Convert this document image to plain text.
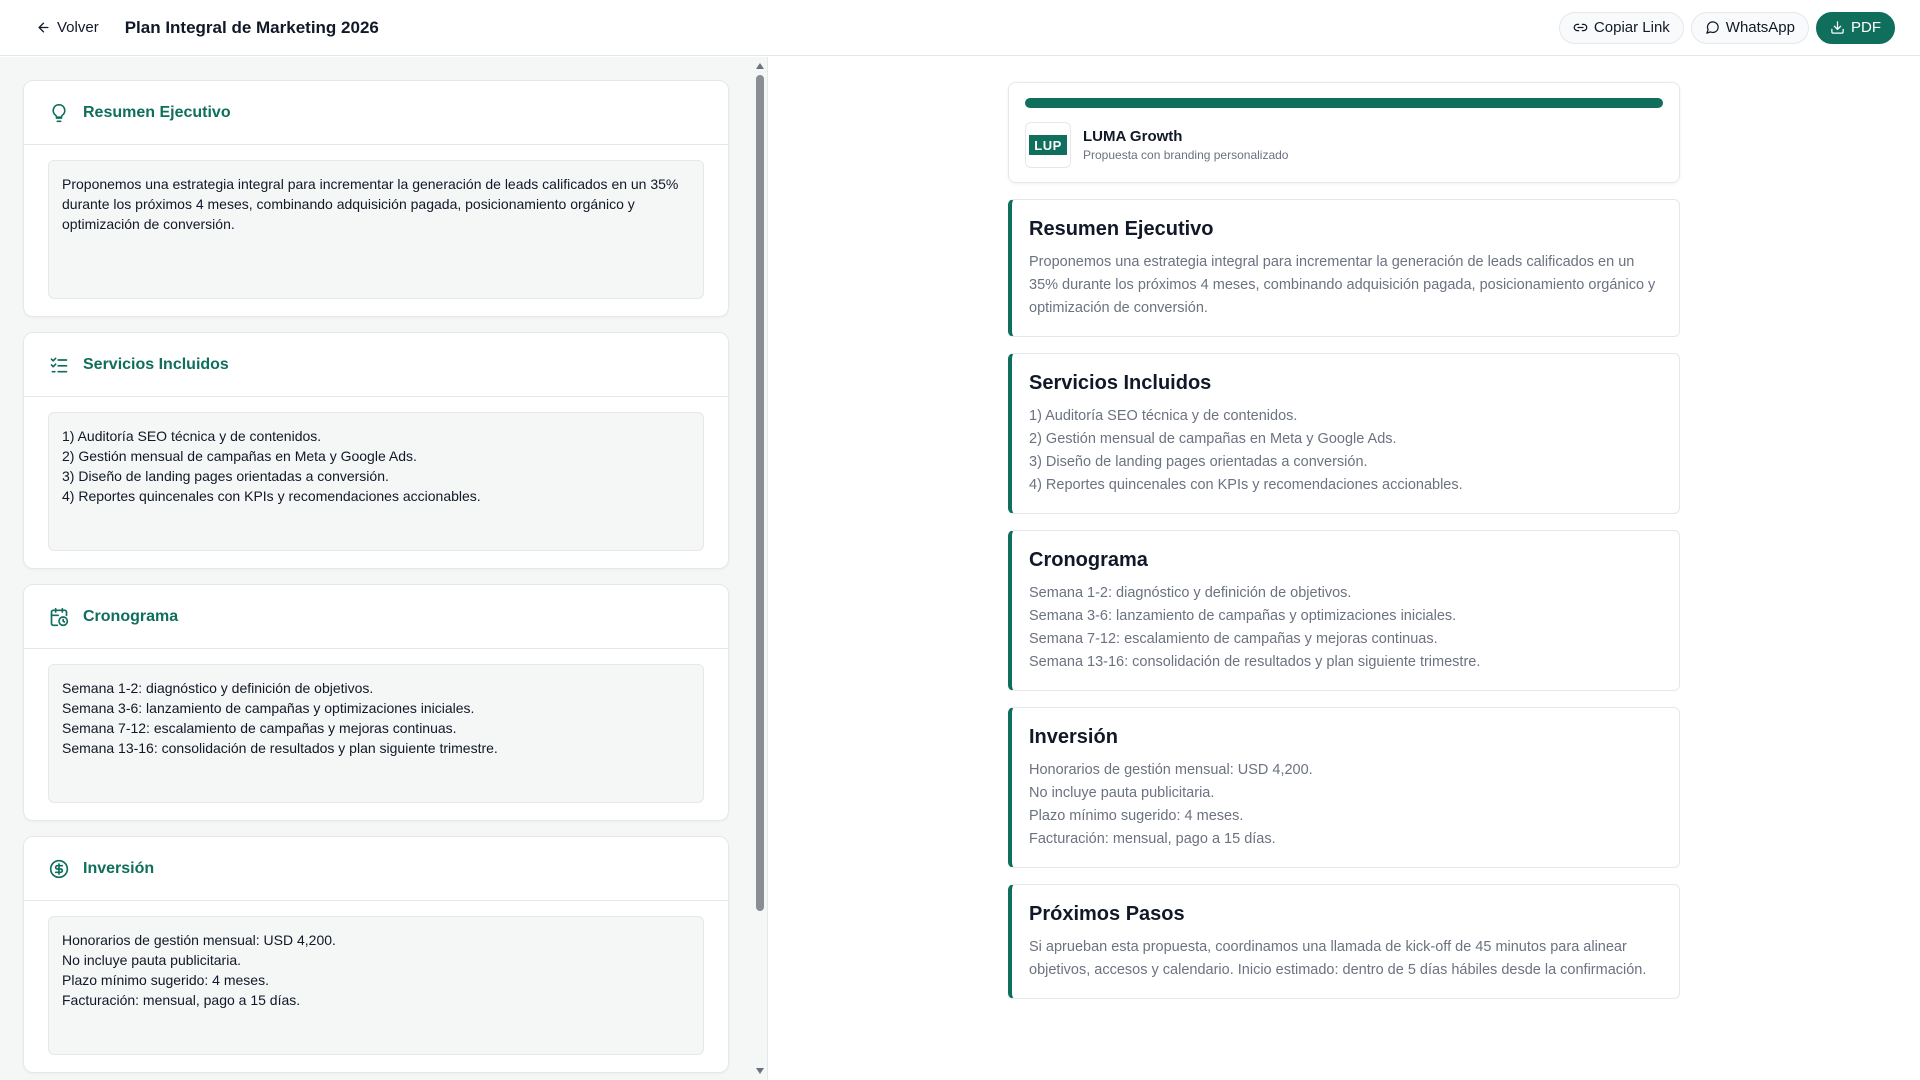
Volver Plan Integral de Marketing 2026	Copiar Link	WhatsApp	PDF
Resumen Ejecutivo
Proponemos una estrategia integral para incrementar la generación de leads calificados en un 35% durante los próximos 4 meses, combinando adquisición pagada, posicionamiento orgánico y optimización de conversión.
Servicios Incluidos
1) Auditoría SEO técnica y de contenidos.
2) Gestión mensual de campañas en Meta y Google Ads.
3) Diseño de landing pages orientadas a conversión.
4) Reportes quincenales con KPIs y recomendaciones accionables.
Cronograma
Semana 1-2: diagnóstico y definición de objetivos.
Semana 3-6: lanzamiento de campañas y optimizaciones iniciales.
Semana 7-12: escalamiento de campañas y mejoras continuas.
Semana 13-16: consolidación de resultados y plan siguiente trimestre.
Inversión
Honorarios de gestión mensual: USD 4,200.
No incluye pauta publicitaria.
Plazo mínimo sugerido: 4 meses.
Facturación: mensual, pago a 15 días.
LUP	LUMA Growth
Propuesta con branding personalizado
Resumen Ejecutivo
Proponemos una estrategia integral para incrementar la generación de leads calificados en un 35% durante los próximos 4 meses, combinando adquisición pagada, posicionamiento orgánico y optimización de conversión.
Servicios Incluidos
1) Auditoría SEO técnica y de contenidos.
2) Gestión mensual de campañas en Meta y Google Ads.
3) Diseño de landing pages orientadas a conversión.
4) Reportes quincenales con KPIs y recomendaciones accionables.
Cronograma
Semana 1-2: diagnóstico y definición de objetivos.
Semana 3-6: lanzamiento de campañas y optimizaciones iniciales.
Semana 7-12: escalamiento de campañas y mejoras continuas.
Semana 13-16: consolidación de resultados y plan siguiente trimestre.
Inversión
Honorarios de gestión mensual: USD 4,200.
No incluye pauta publicitaria.
Plazo mínimo sugerido: 4 meses.
Facturación: mensual, pago a 15 días.
Próximos Pasos
Si aprueban esta propuesta, coordinamos una llamada de kick-off de 45 minutos para alinear objetivos, accesos y calendario. Inicio estimado: dentro de 5 días hábiles desde la confirmación.
